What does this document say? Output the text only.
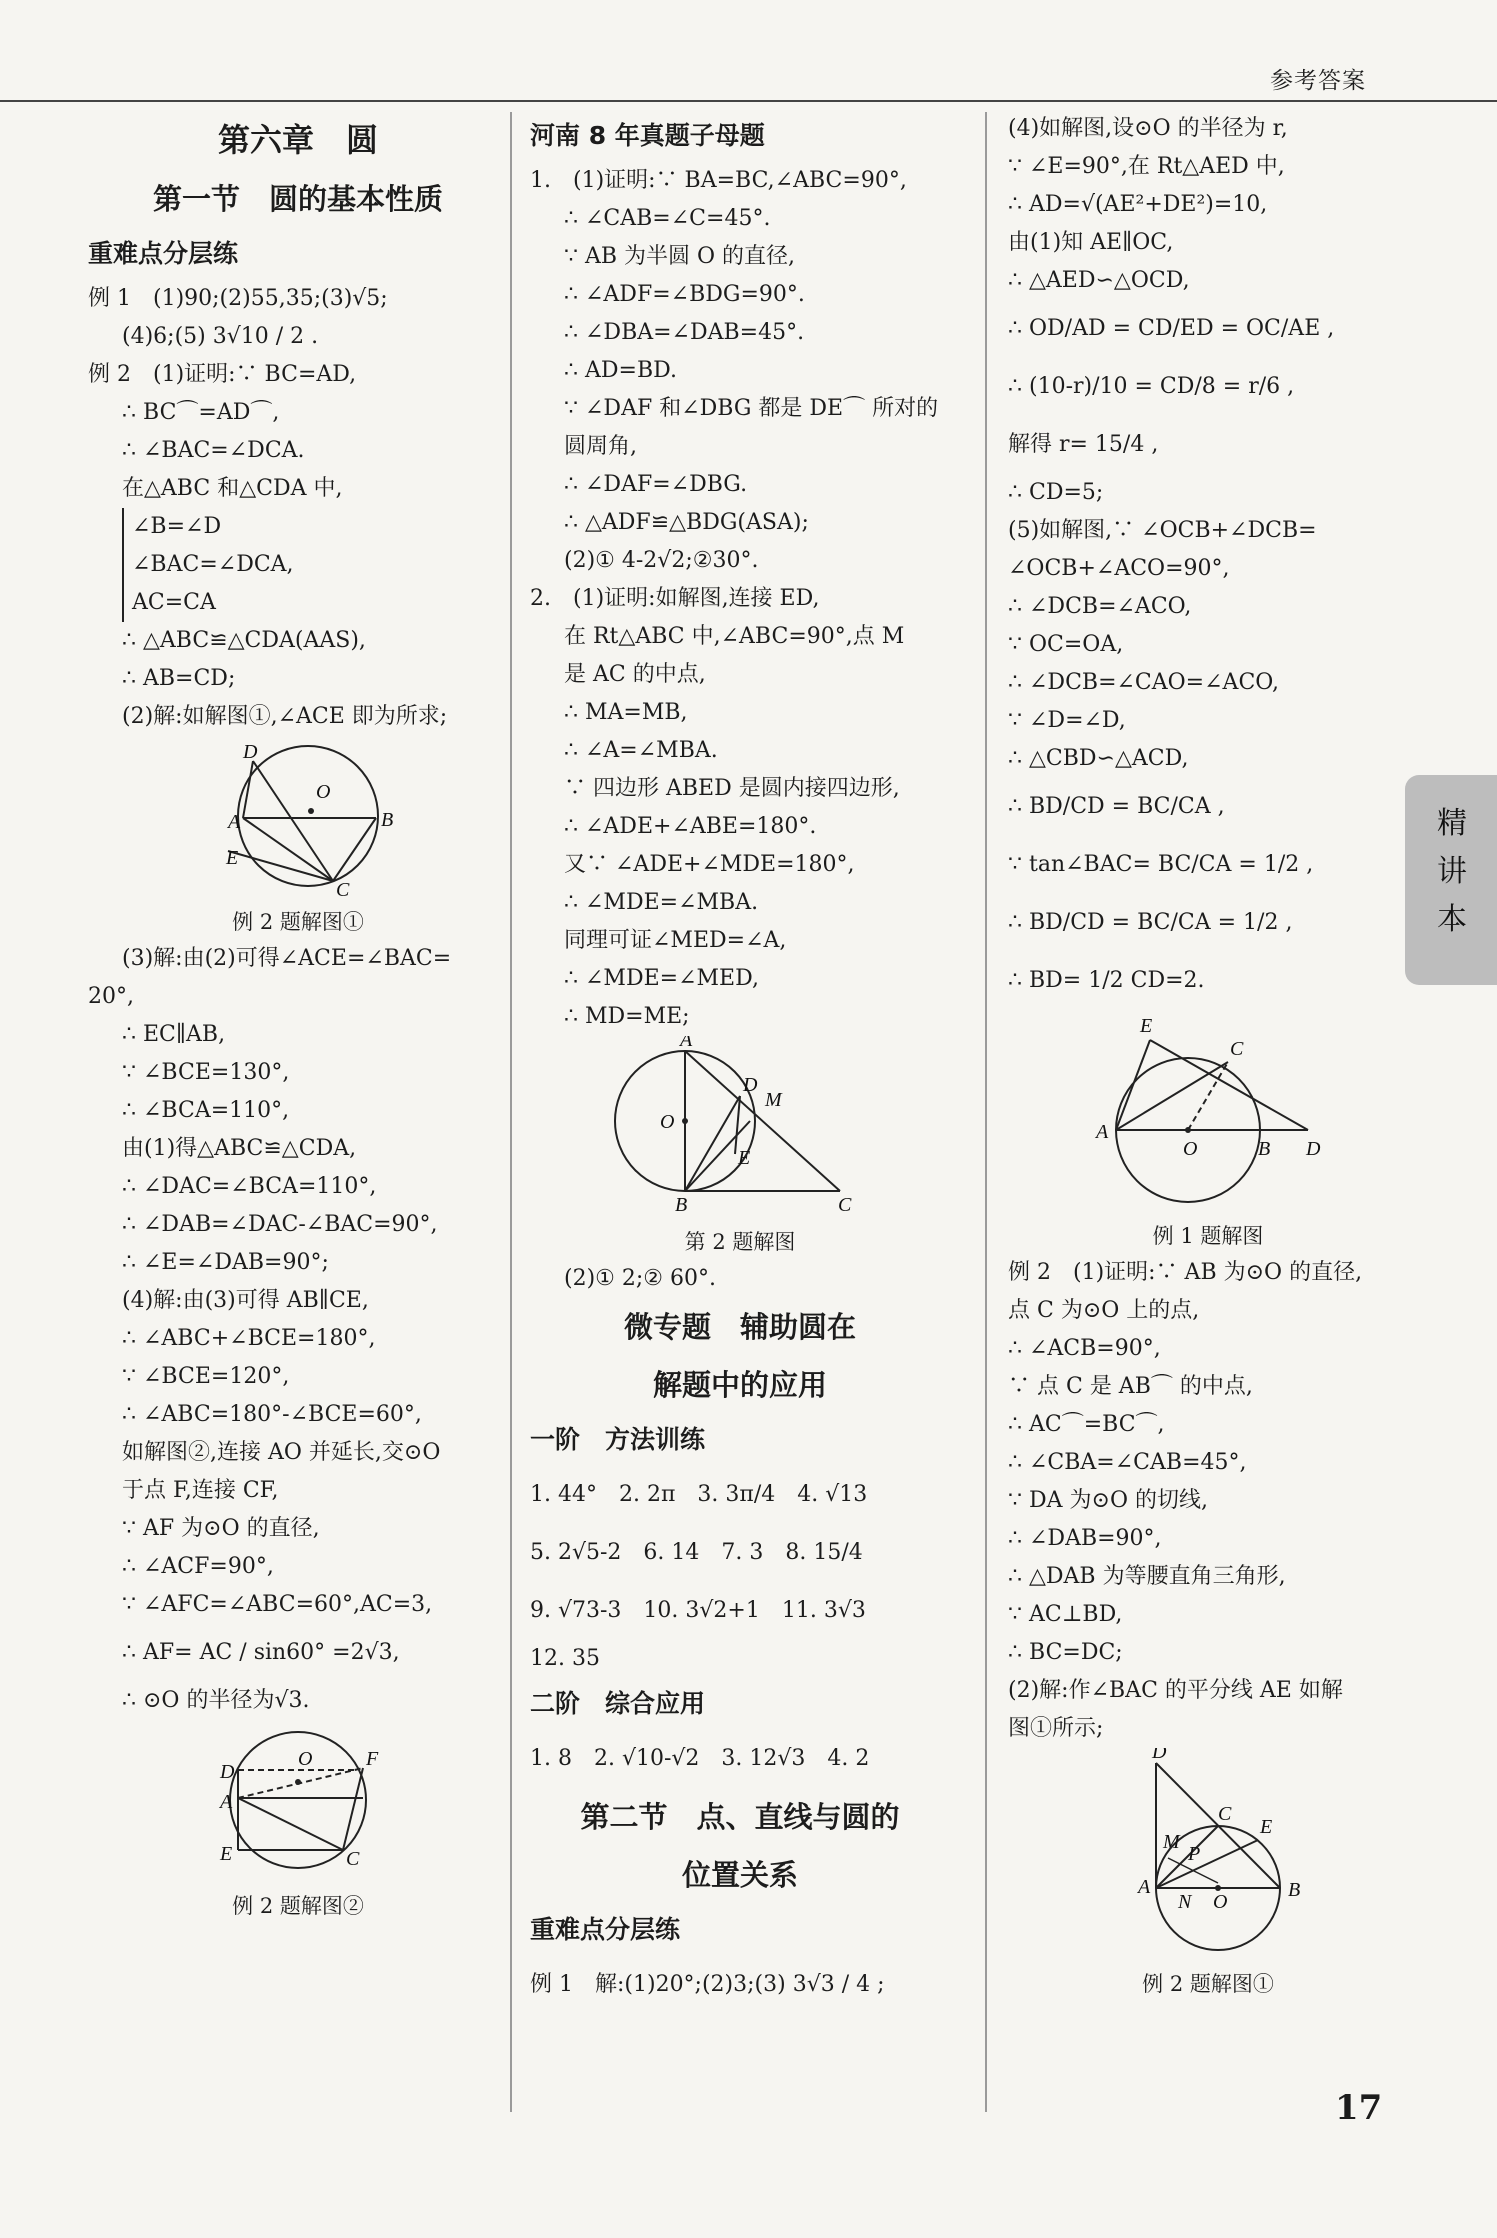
参考答案
第六章　圆
第一节　圆的基本性质
重难点分层练
例 1　(1)90;(2)55,35;(3)√5;
(4)6;(5) 3√10 / 2 .
例 2　(1)证明:∵ BC=AD,
∴ BC⌒=AD⌒,
∴ ∠BAC=∠DCA.
在△ABC 和△CDA 中,
∠B=∠D
∠BAC=∠DCA,
AC=CA
∴ △ABC≌△CDA(AAS),
∴ AB=CD;
(2)解:如解图①,∠ACE 即为所求;
D
O
A	B
E
C
例 2 题解图①
(3)解:由(2)可得∠ACE=∠BAC=
20°,
∴ EC∥AB,
∵ ∠BCE=130°,
∴ ∠BCA=110°,
由(1)得△ABC≌△CDA,
∴ ∠DAC=∠BCA=110°,
∴ ∠DAB=∠DAC-∠BAC=90°,
∴ ∠E=∠DAB=90°;
(4)解:由(3)可得 AB∥CE,
∴ ∠ABC+∠BCE=180°,
∵ ∠BCE=120°,
∴ ∠ABC=180°-∠BCE=60°,
如解图②,连接 AO 并延长,交⊙O
于点 F,连接 CF,
∵ AF 为⊙O 的直径,
∴ ∠ACF=90°,
∵ ∠AFC=∠ABC=60°,AC=3,
∴ AF= AC / sin60° =2√3,
∴ ⊙O 的半径为√3.
D
O	F
A
E	C
例 2 题解图②
河南 8 年真题子母题
1.　(1)证明:∵ BA=BC,∠ABC=90°,
∴ ∠CAB=∠C=45°.
∵ AB 为半圆 O 的直径,
∴ ∠ADF=∠BDG=90°.
∴ ∠DBA=∠DAB=45°.
∴ AD=BD.
∵ ∠DAF 和∠DBG 都是 DE⌒ 所对的
圆周角,
∴ ∠DAF=∠DBG.
∴ △ADF≌△BDG(ASA);
(2)① 4-2√2;②30°.
2.　(1)证明:如解图,连接 ED,
在 Rt△ABC 中,∠ABC=90°,点 M
是 AC 的中点,
∴ MA=MB,
∴ ∠A=∠MBA.
∵ 四边形 ABED 是圆内接四边形,
∴ ∠ADE+∠ABE=180°.
又∵ ∠ADE+∠MDE=180°,
∴ ∠MDE=∠MBA.
同理可证∠MED=∠A,
∴ ∠MDE=∠MED,
∴ MD=ME;
A
D
M
O
E
B	C
第 2 题解图
(2)① 2;② 60°.
微专题　辅助圆在
解题中的应用
一阶　方法训练
1. 44°　2. 2π　3. 3π/4　4. √13
5. 2√5-2　6. 14　7. 3　8. 15/4
9. √73-3　10. 3√2+1　11. 3√3
12. 35
二阶　综合应用
1. 8　2. √10-√2　3. 12√3　4. 2
第二节　点、直线与圆的
位置关系
重难点分层练
例 1　解:(1)20°;(2)3;(3) 3√3 / 4 ;
(4)如解图,设⊙O 的半径为 r,
∵ ∠E=90°,在 Rt△AED 中,
∴ AD=√(AE²+DE²)=10,
由(1)知 AE∥OC,
∴ △AED∽△OCD,
∴ OD/AD = CD/ED = OC/AE ,
∴ (10-r)/10 = CD/8 = r/6 ,
解得 r= 15/4 ,
∴ CD=5;
(5)如解图,∵ ∠OCB+∠DCB=
∠OCB+∠ACO=90°,
∴ ∠DCB=∠ACO,
∵ OC=OA,
∴ ∠DCB=∠CAO=∠ACO,
∵ ∠D=∠D,
∴ △CBD∽△ACD,
∴ BD/CD = BC/CA ,
∵ tan∠BAC= BC/CA = 1/2 ,
∴ BD/CD = BC/CA = 1/2 ,
∴ BD= 1/2 CD=2.
E
C
A
O	B D
例 1 题解图
例 2　(1)证明:∵ AB 为⊙O 的直径,
点 C 为⊙O 上的点,
∴ ∠ACB=90°,
∵ 点 C 是 AB⌒ 的中点,
∴ AC⌒=BC⌒,
∴ ∠CBA=∠CAB=45°,
∵ DA 为⊙O 的切线,
∴ ∠DAB=90°,
∴ △DAB 为等腰直角三角形,
∵ AC⊥BD,
∴ BC=DC;
(2)解:作∠BAC 的平分线 AE 如解
图①所示;
D
C
E
M
P
A
N O
B
例 2 题解图①
精
讲
本
17
